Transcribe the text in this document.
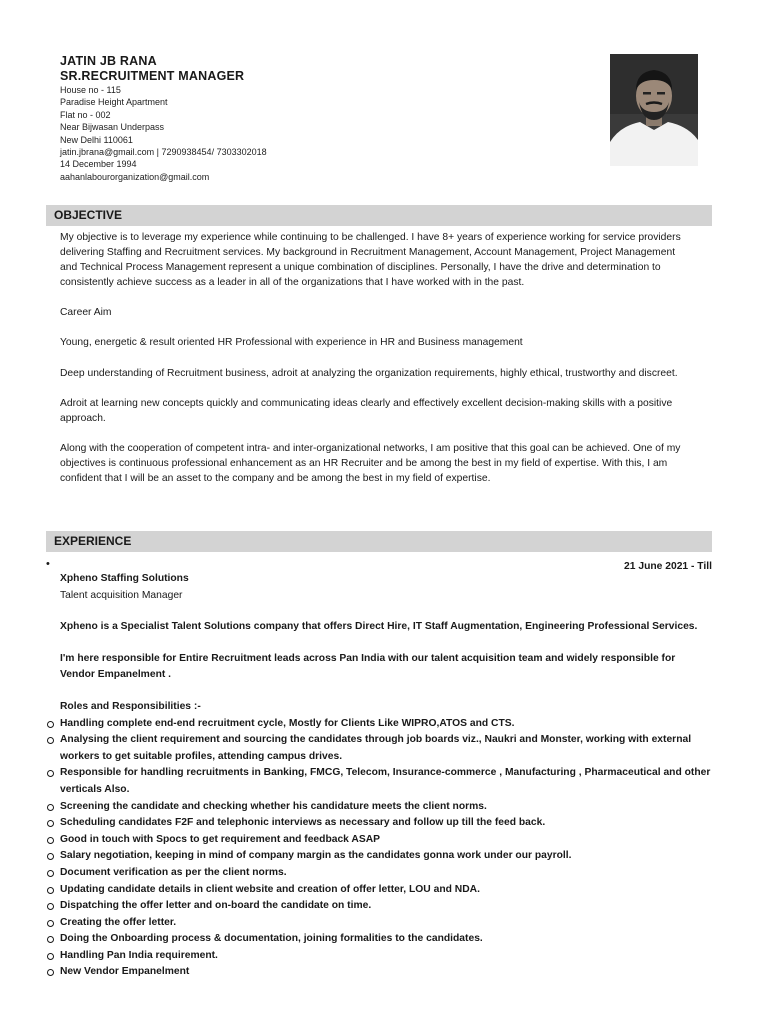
JATIN JB RANA
SR.RECRUITMENT MANAGER
House no - 115
Paradise Height Apartment
Flat no - 002
Near Bijwasan Underpass
New Delhi 110061
jatin.jbrana@gmail.com | 7290938454/ 7303302018
14 December 1994
aahanlabourorganization@gmail.com
OBJECTIVE

My objective is to leverage my experience while continuing to be challenged. I have 8+ years of experience working for service providers delivering Staffing and Recruitment services. My background in Recruitment Management, Account Management, Project Management and Technical Process Management represent a unique combination of disciplines. Personally, I have the drive and determination to consistently achieve success as a leader in all of the organizations that I have worked with in the past.

Career Aim

Young, energetic & result oriented HR Professional with experience in HR and Business management

Deep understanding of Recruitment business, adroit at analyzing the organization requirements, highly ethical, trustworthy and discreet.

Adroit at learning new concepts quickly and communicating ideas clearly and effectively excellent decision-making skills with a positive approach.

Along with the cooperation of competent intra- and inter-organizational networks, I am positive that this goal can be achieved. One of my objectives is continuous professional enhancement as an HR Recruiter and be among the best in my field of expertise. With this, I am confident that I will be an asset to the company and be among the best in my field of expertise.

EXPERIENCE
•	21 June 2021 - Till
Xpheno Staffing Solutions
Talent acquisition Manager
Xpheno is a Specialist Talent Solutions company that offers Direct Hire, IT Staff Augmentation, Engineering Professional Services.
I'm here responsible for Entire Recruitment leads across Pan India with our talent acquisition team and widely responsible for Vendor Empanelment .
Roles and Responsibilities :-
Handling complete end-end recruitment cycle, Mostly for Clients Like WIPRO,ATOS and CTS.
Analysing the client requirement and sourcing the candidates through job boards viz., Naukri and Monster, working with external workers to get suitable profiles, attending campus drives.
Responsible for handling recruitments in Banking, FMCG, Telecom, Insurance-commerce , Manufacturing , Pharmaceutical and other verticals Also.
Screening the candidate and checking whether his candidature meets the client norms.
Scheduling candidates F2F and telephonic interviews as necessary and follow up till the feed back.
Good in touch with Spocs to get requirement and feedback ASAP
Salary negotiation, keeping in mind of company margin as the candidates gonna work under our payroll.
Document verification as per the client norms.
Updating candidate details in client website and creation of offer letter, LOU and NDA.
Dispatching the offer letter and on-board the candidate on time.
Creating the offer letter.
Doing the Onboarding process & documentation, joining formalities to the candidates.
Handling Pan India requirement.
New Vendor Empanelment
